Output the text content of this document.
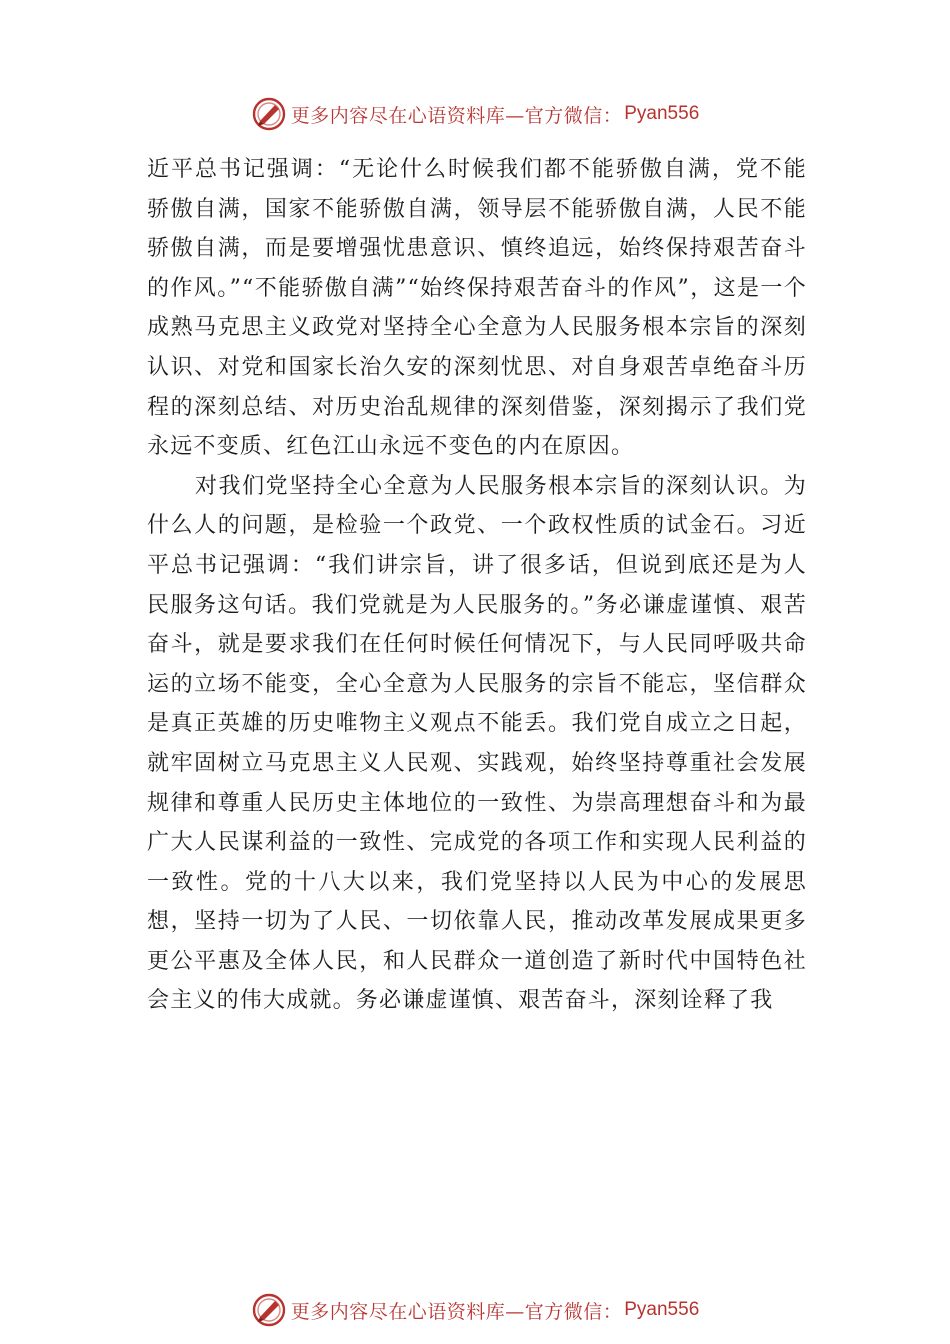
更多内容尽在心语资料库—官方微信： Pyan556

近平总书记强调：“无论什么时候我们都不能骄傲自满，党不能骄傲自满，国家不能骄傲自满，领导层不能骄傲自满，人民不能骄傲自满，而是要增强忧患意识、慎终追远，始终保持艰苦奋斗的作风。”“不能骄傲自满”“始终保持艰苦奋斗的作风”，这是一个成熟马克思主义政党对坚持全心全意为人民服务根本宗旨的深刻认识、对党和国家长治久安的深刻忧思、对自身艰苦卓绝奋斗历程的深刻总结、对历史治乱规律的深刻借鉴，深刻揭示了我们党永远不变质、红色江山永远不变色的内在原因。

对我们党坚持全心全意为人民服务根本宗旨的深刻认识。为什么人的问题，是检验一个政党、一个政权性质的试金石。习近平总书记强调：“我们讲宗旨，讲了很多话，但说到底还是为人民服务这句话。我们党就是为人民服务的。”务必谦虚谨慎、艰苦奋斗，就是要求我们在任何时候任何情况下，与人民同呼吸共命运的立场不能变，全心全意为人民服务的宗旨不能忘，坚信群众是真正英雄的历史唯物主义观点不能丢。我们党自成立之日起，就牢固树立马克思主义人民观、实践观，始终坚持尊重社会发展规律和尊重人民历史主体地位的一致性、为崇高理想奋斗和为最广大人民谋利益的一致性、完成党的各项工作和实现人民利益的一致性。党的十八大以来，我们党坚持以人民为中心的发展思想，坚持一切为了人民、一切依靠人民，推动改革发展成果更多更公平惠及全体人民，和人民群众一道创造了新时代中国特色社会主义的伟大成就。务必谦虚谨慎、艰苦奋斗，深刻诠释了我

更多内容尽在心语资料库—官方微信： Pyan556
